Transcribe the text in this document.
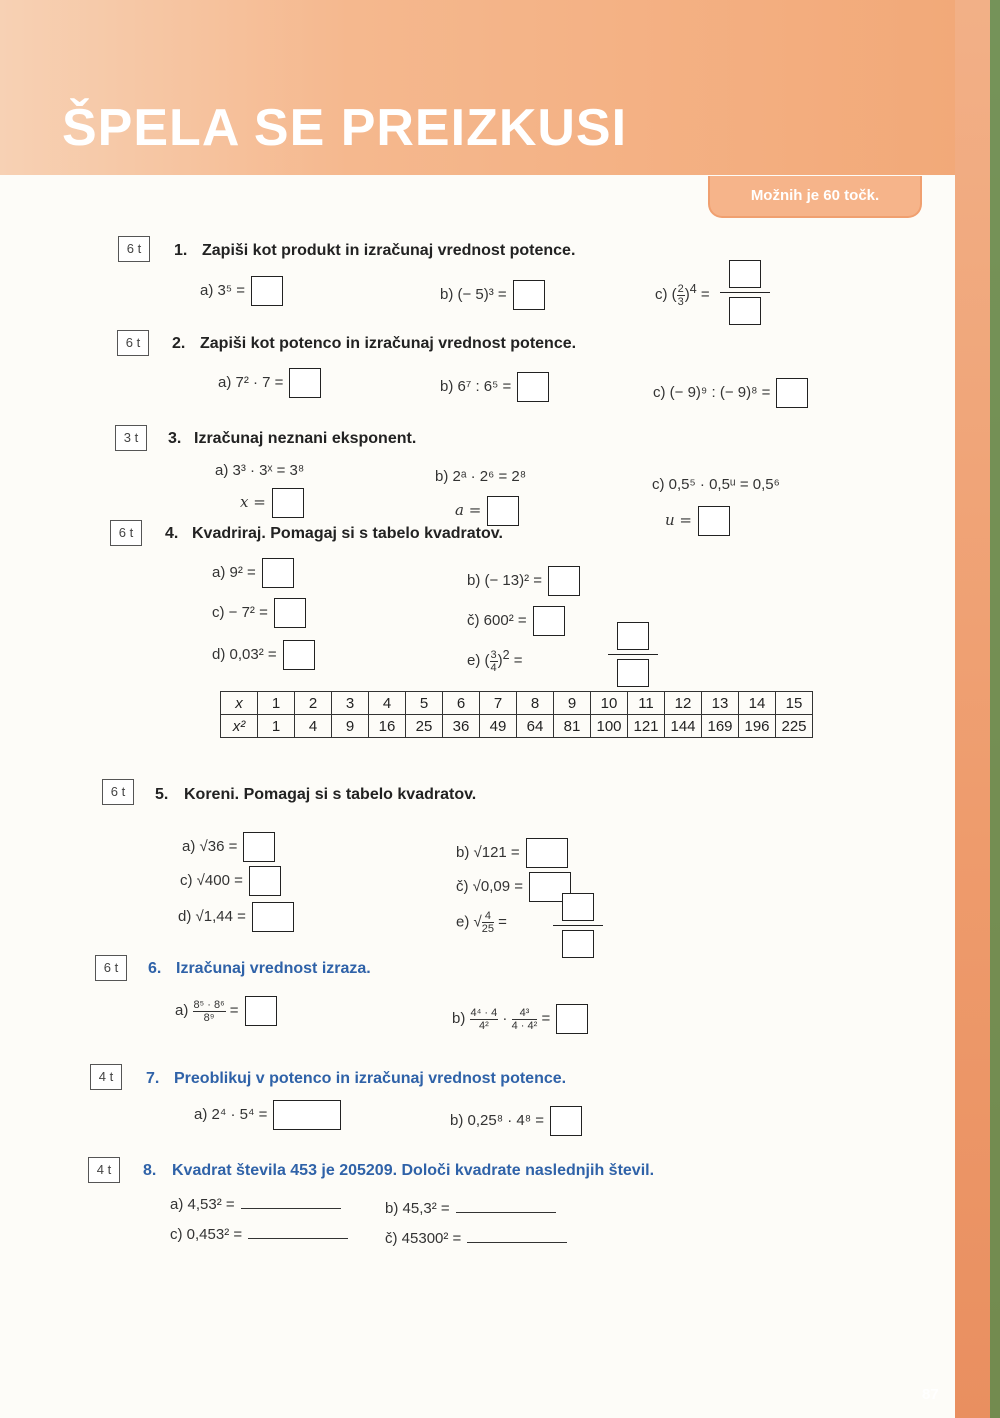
ŠPELA SE PREIZKUSI
Možnih je 60 točk.
87
6 t	1. Zapiši kot produkt in izračunaj vrednost potence.
a) 3⁵ =	b) (− 5)³ =	c) ( $\frac{2}{3} )^4$ =
6 t	2. Zapiši kot potenco in izračunaj vrednost potence.
a) 7² · 7 =	b) 6⁷ : 6⁵ =	c) (− 9)⁹ : (− 9)⁸ =
3 t	3. Izračunaj neznani eksponent.
a) 3³ · 3ˣ = 3⁸
x =
b) 2ᵃ · 2⁶ = 2⁸
a =
c) 0,5⁵ · 0,5ᵘ = 0,5⁶
u =
6 t	4. Kvadriraj. Pomagaj si s tabelo kvadratov.
a) 9² =	b) (− 13)² =
c) − 7² =	č) 600² =
d) 0,03² =	e) ( $\frac{3}{4} )^2$ =
x	1	2	3	4	5	6	7	8	9	10	11	12	13	14	15
x²	1	4	9	16	25	36	49	64	81	100	121	144	169	196	225
6 t	5. Koreni. Pomagaj si s tabelo kvadratov.
a) √36 =	b) √121 =
c) √400 =	č) √0,09 =
d) √1,44 =	e) √ $\frac{4}{25}$ =
6 t	6. Izračunaj vrednost izraza.
$a) \frac{\text{8⁵ · 8⁶}}{\text{8⁹}}$ =	$b) \frac{\text{4⁴ · 4}}{\text{4²}} \cdot \frac{\text{4³}}{\text{4 · 4²}}$ =
4 t	7. Preoblikuj v potenco in izračunaj vrednost potence.
a) 2⁴ · 5⁴ =	b) 0,25⁸ · 4⁸ =
4 t	8. Kvadrat števila 453 je 205209. Določi kvadrate naslednjih števil.
a) 4,53² =	b) 45,3² =
c) 0,453² =	č) 45300² =
